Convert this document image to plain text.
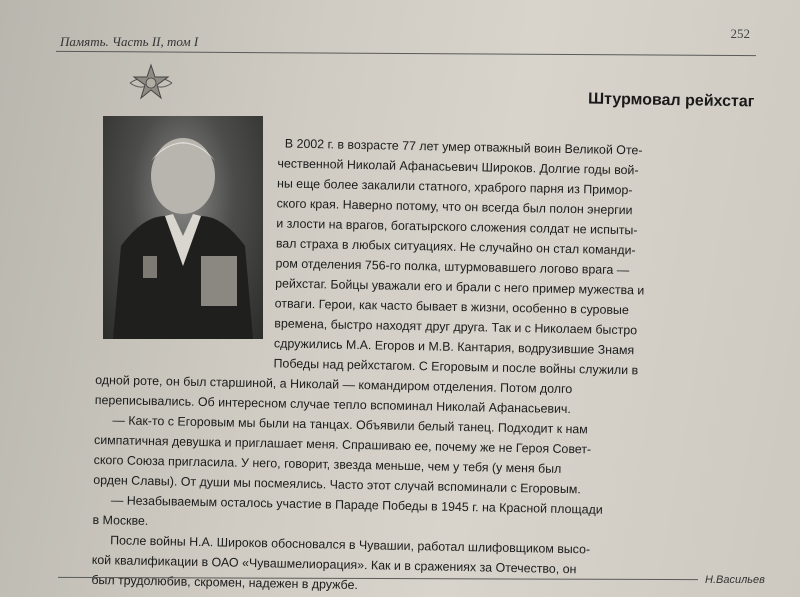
Память. Часть II, том I
252
Штурмовал рейхстаг
В 2002 г. в возрасте 77 лет умер отважный воин Великой Оте-
чественной Николай Афанасьевич Широков. Долгие годы вой-
ны еще более закалили статного, храброго парня из Примор-
ского края. Наверно потому, что он всегда был полон энергии
и злости на врагов, богатырского сложения солдат не испыты-
вал страха в любых ситуациях. Не случайно он стал команди-
ром отделения 756-го полка, штурмовавшего логово врага —
рейхстаг. Бойцы уважали его и брали с него пример мужества и
отваги. Герои, как часто бывает в жизни, особенно в суровые
времена, быстро находят друг друга. Так и с Николаем быстро
сдружились М.А. Егоров и М.В. Кантария, водрузившие Знамя
Победы над рейхстагом. С Егоровым и после войны служили в
одной роте, он был старшиной, а Николай — командиром отделения. Потом долго
переписывались. Об интересном случае тепло вспоминал Николай Афанасьевич.
— Как-то с Егоровым мы были на танцах. Объявили белый танец. Подходит к нам
симпатичная девушка и приглашает меня. Спрашиваю ее, почему же не Героя Совет-
ского Союза пригласила. У него, говорит, звезда меньше, чем у тебя (у меня был
орден Славы). От души мы посмеялись. Часто этот случай вспоминали с Егоровым.
— Незабываемым осталось участие в Параде Победы в 1945 г. на Красной площади
в Москве.
После войны Н.А. Широков обосновался в Чувашии, работал шлифовщиком высо-
кой квалификации в ОАО «Чувашмелиорация». Как и в сражениях за Отечество, он
был трудолюбив, скромен, надежен в дружбе.	Н.Васильев
